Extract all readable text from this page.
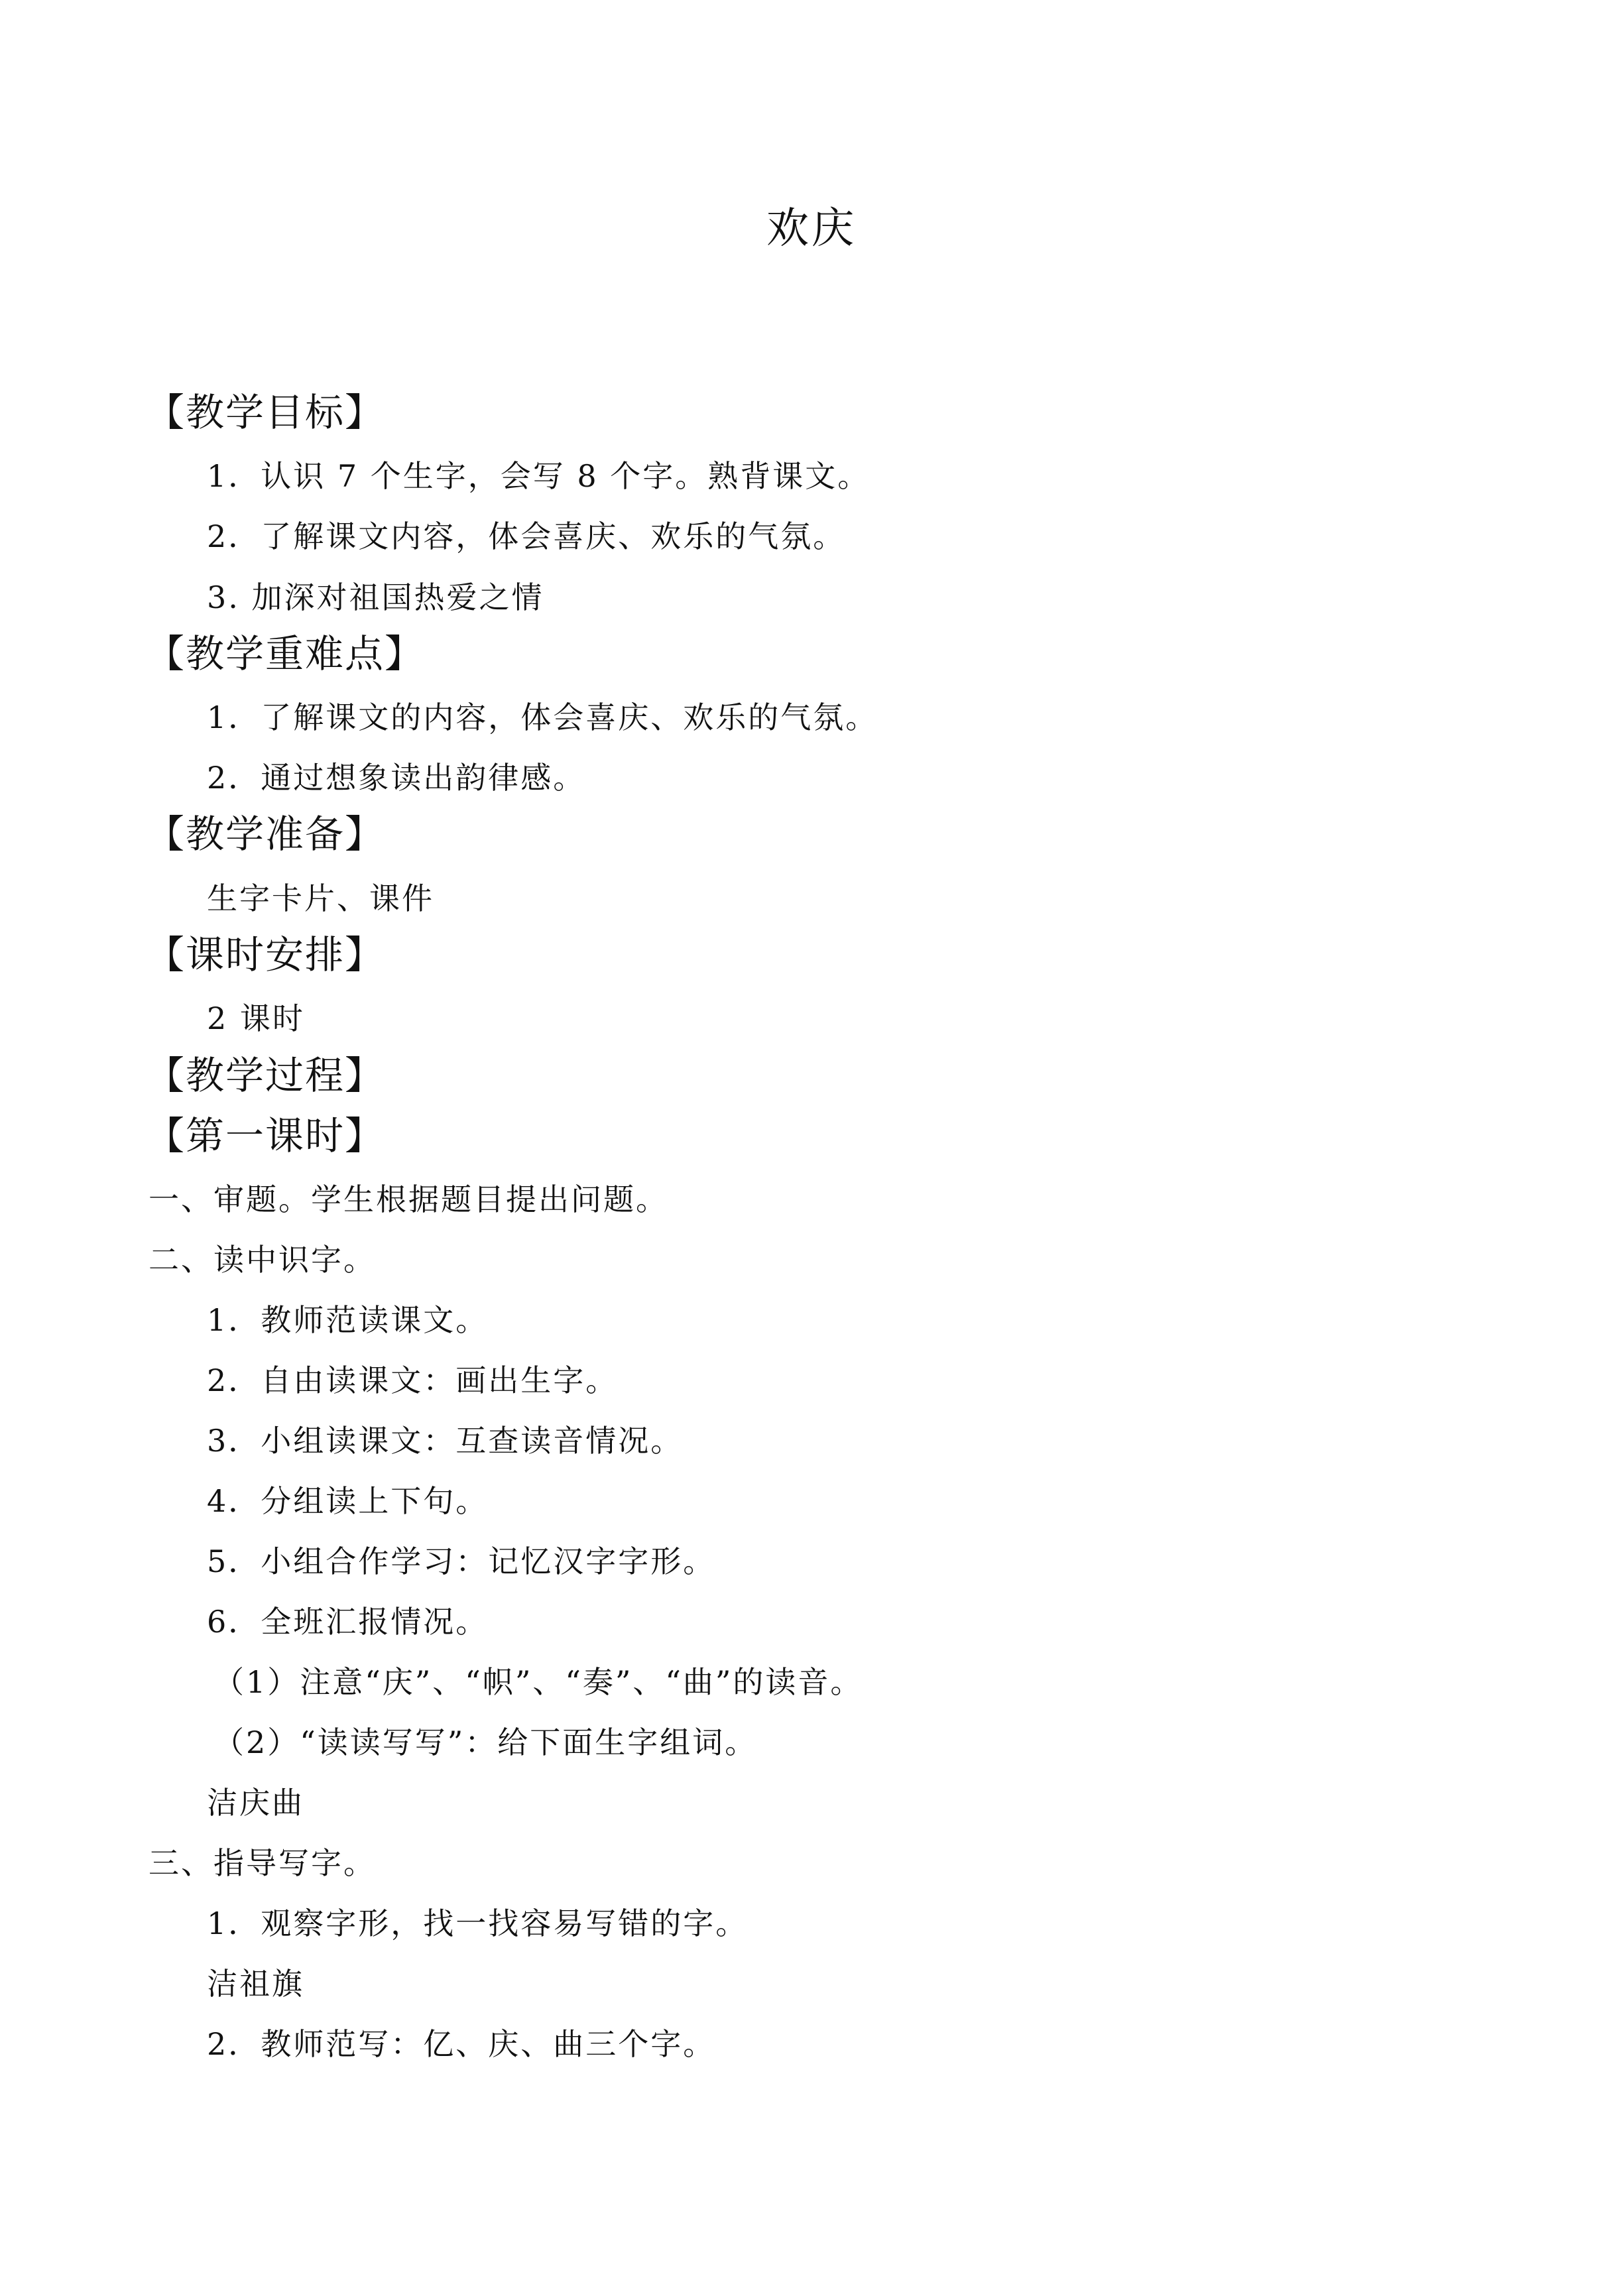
欢庆
【教学目标】
1．认识 7 个生字，会写 8 个字。熟背课文。
2．了解课文内容，体会喜庆、欢乐的气氛。
3. 加深对祖国热爱之情
【教学重难点】
1．了解课文的内容，体会喜庆、欢乐的气氛。
2．通过想象读出韵律感。
【教学准备】
生字卡片、课件
【课时安排】
2 课时
【教学过程】
【第一课时】
一、审题。学生根据题目提出问题。
二、读中识字。
1．教师范读课文。
2．自由读课文：画出生字。
3．小组读课文：互查读音情况。
4．分组读上下句。
5．小组合作学习：记忆汉字字形。
6．全班汇报情况。
（1）注意“庆”、“帜”、“奏”、“曲”的读音。
（2）“读读写写”：给下面生字组词。
洁庆曲
三、指导写字。
1．观察字形，找一找容易写错的字。
洁祖旗
2．教师范写：亿、庆、曲三个字。
